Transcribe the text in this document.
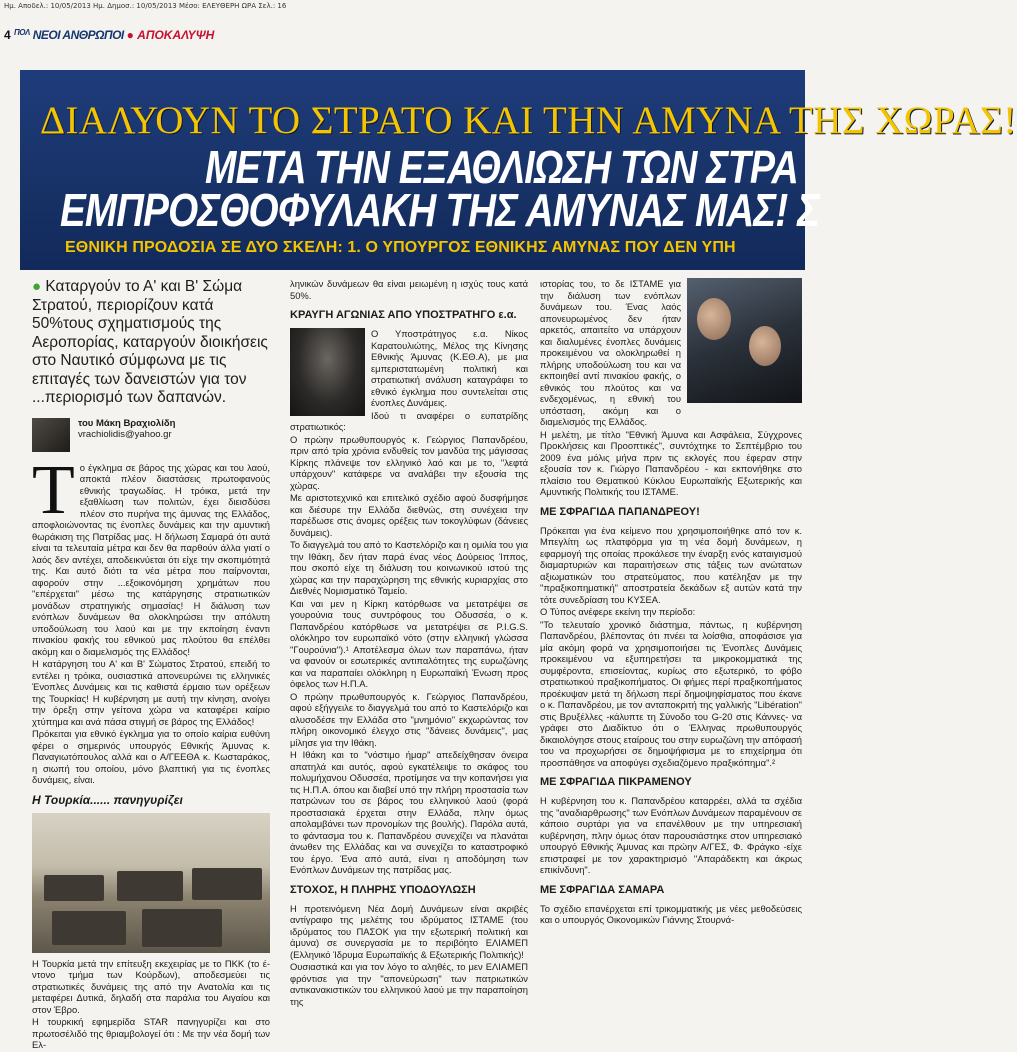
Ημ. Αποδελ.: 10/05/2013 Ημ. Δημοσ.: 10/05/2013 Μέσο: ΕΛΕΥΘΕΡΗ ΩΡΑ Σελ.: 16
4 $^{\Pi O\Lambda}$ ΝΕΟΙ ΑΝΘΡΩΠΟΙ ● ΑΠΟΚΑΛΥΨΗ
ΔΙΑΛΥΟΥΝ ΤΟ ΣΤΡΑΤΟ ΚΑΙ ΤΗΝ ΑΜΥΝΑ ΤΗΣ ΧΩΡΑΣ!
ΜΕΤΑ ΤΗΝ ΕΞΑΘΛΙΩΣΗ ΤΩΝ ΣΤΡΑ
ΕΜΠΡΟΣΘΟΦΥΛΑΚΗ ΤΗΣ ΑΜΥΝΑΣ ΜΑΣ! Σ
ΕΘΝΙΚΗ ΠΡΟΔΟΣΙΑ ΣΕ ΔΥΟ ΣΚΕΛΗ: 1. Ο ΥΠΟΥΡΓΟΣ ΕΘΝΙΚΗΣ ΑΜΥΝΑΣ ΠΟΥ ΔΕΝ ΥΠΗ
● Καταργούν το Α' και Β' Σώμα Στρατού, περιορίζουν κατά 50%τους σχηματισμούς της Αεροπορίας, καταργούν διοικήσεις στο Ναυτικό σύμφωνα με τις επιταγές των δανειστών για τον ...περιορισμό των δαπανών.
του Μάκη Βραχιολίδη
vrachiolidis@yahoo.gr

Τ ο έγκλημα σε βάρος της χώρας και του λαού, αποκτά πλέον διαστάσεις πρωτοφανούς εθνικής τραγωδίας. Η τρόικα, μετά την εξαθλίωση των πολιτών, έχει διεισδύσει πλέον στο πυρήνα της άμυνας της Ελλάδος, αποφλοιώνοντας τις ένοπλες δυνάμεις και την αμυντική θωράκιση της Πατρίδας μας. Η δήλωση Σαμαρά ότι αυτά είναι τα τελευταία μέτρα και δεν θα παρθούν άλλα γιατί ο λαός δεν αντέχει, αποδεικνύεται ότι είχε την σκοπιμότητά της. Και αυτό διότι τα νέα μέτρα που παίρνονται, αφορούν στην ...εξοικονόμηση χρημάτων που "επέρχεται" μέσω της κατάργησης στρατιωτικών μονάδων στρατηγικής σημασίας! Η διάλυση των ενόπλων δυνάμεων θα ολοκληρώσει την απόλυτη υποδούλωση του λαού και με την εκποίηση έναντι πινακίου φακής του εθνικού μας πλούτου θα επέλθει ακόμη και ο διαμελισμός της Ελλάδος!

Η κατάργηση του Α' και Β' Σώματος Στρατού, επειδή το εντέλει η τρόικα, ουσιαστικά απονευρώνει τις ελληνικές Ένοπλες Δυνάμεις και τις καθιστά έρμαιο των ορέξεων της Τουρκίας! Η κυβέρνηση με αυτή την κίνηση, ανοίγει την όρεξη στην γείτονα χώρα να καταφέρει καίριο χτύπημα και ανά πάσα στιγμή σε βάρος της Ελλάδος!

Πρόκειται για εθνικό έγκλημα για το οποίο καίρια ευθύνη φέρει ο σημερινός υπουργός Εθνικής Άμυνας κ. Παναγιωτόπουλος αλλά και ο Α/ΓΕΕΘΑ κ. Κωσταράκος, η σιωπή του οποίου, μόνο βλαπτική για τις ένοπλες δυνάμεις, είναι.

Η Τουρκία...... πανηγυρίζει

Η Τουρκία μετά την επίτευξη εκεχειρίας με το ΠΚΚ (το έ-ντονο τμήμα των Κούρδων), αποδεσμεύει τις στρατιωτικές δυνάμεις της από την Ανατολία και τις μεταφέρει Δυτικά, δηλαδή στα παράλια του Αιγαίου και στον Έβρο.

Η τουρκική εφημερίδα STAR πανηγυρίζει και στο πρωτοσέλιδό της θριαμβολογεί ότι : Με την νέα δομή των Ελ-

ληνικών δυνάμεων θα είναι μειωμένη η ισχύς τους κατά 50%.

ΚΡΑΥΓΗ ΑΓΩΝΙΑΣ ΑΠΟ ΥΠΟΣΤΡΑΤΗΓΟ ε.α.

Ο Υποστράτηγος ε.α. Νίκος Καρατουλιώτης, Μέλος της Κίνησης Εθνικής Άμυνας (Κ.ΕΘ.Α), με μια εμπεριστατωμένη πολιτική και στρατιωτική ανάλυση καταγράφει το εθνικό έγκλημα που συντελείται στις ένοπλες Δυνάμεις.

Ιδού τι αναφέρει ο ευπατρίδης στρατιωτικός:

Ο πρώην πρωθυπουργός κ. Γεώργιος Παπανδρέου, πριν από τρία χρόνια ενδυθείς τον μανδύα της μάγισσας Κίρκης πλάνεψε τον ελληνικό λαό και με το, "λεφτά υπάρχουν" κατάφερε να αναλάβει την εξουσία της χώρας.

Με αριστοτεχνικό και επιτελικό σχέδιο αφού δυσφήμησε και διέσυρε την Ελλάδα διεθνώς, στη συνέχεια την παρέδωσε στις άνομες ορέξεις των τοκογλύφων (δάνειες δυνάμεις).

Το διαγγελμά του από το Καστελόριζο και η ομιλία του για την Ιθάκη, δεν ήταν παρά ένας νέος Δούρειος Ίππος, που σκοπό είχε τη διάλυση του κοινωνικού ιστού της χώρας και την παραχώρηση της εθνικής κυριαρχίας στο Διεθνές Νομισματικό Ταμείο.

Και ναι μεν η Κίρκη κατόρθωσε να μετατρέψει σε γουρούνια τους συντρόφους του Οδυσσέα, ο κ. Παπανδρέου κατόρθωσε να μετατρέψει σε P.I.G.S. ολόκληρο τον ευρωπαϊκό νότο (στην ελληνική γλώσσα "Γουρούνια").¹ Αποτέλεσμα όλων των παραπάνω, ήταν να φανούν οι εσωτερικές αντιπαλότητες της ευρωζώνης και να παραπαίει ολόκληρη η Ευρωπαϊκή Ένωση προς όφελος των Η.Π.Α.

Ο πρώην πρωθυπουργός κ. Γεώργιος Παπανδρέου, αφού εξήγγειλε το διαγγελμά του από το Καστελόριζο και αλυσοδέσε την Ελλάδα στο "μνημόνιο" εκχωρώντας τον πλήρη οικονομικό έλεγχο στις "δάνειες δυνάμεις", μας μίλησε για την Ιθάκη.

Η Ιθάκη και το "νόστιμο ήμαρ" απεδείχθησαν όνειρα απατηλά και αυτός, αφού εγκατέλειψε το σκάφος του πολυμήχανου Οδυσσέα, προτίμησε να την κοπανήσει για τις Η.Π.Α. όπου και διαβεί υπό την πλήρη προστασία των πατρώνων του σε βάρος του ελληνικού λαού (φορά προστασιακά έρχεται στην Ελλάδα, πλην όμως απολαμβάνει των προνομίων της βουλής). Παρόλα αυτά, το φάντασμα του κ. Παπανδρέου συνεχίζει να πλανάται άνωθεν της Ελλάδας και να συνεχίζει το καταστροφικό του έργο. Ένα από αυτά, είναι η αποδόμηση των Ενόπλων Δυνάμεων της πατρίδας μας.

ΣΤΟΧΟΣ, Η ΠΛΗΡΗΣ ΥΠΟΔΟΥΛΩΣΗ

Η προτεινόμενη Νέα Δομή Δυνάμεων είναι ακριβές αντίγραφο της μελέτης του ιδρύματος ΙΣΤΑΜΕ (του ιδρύματος του ΠΑΣΟΚ για την εξωτερική πολιτική και άμυνα) σε συνεργασία με το περιβόητο ΕΛΙΑΜΕΠ (Ελληνικό Ίδρυμα Ευρωπαϊκής & Εξωτερικής Πολιτικής)!

Ουσιαστικά και για τον λόγο το αληθές, το μεν ΕΛΙΑΜΕΠ φρόντισε για την "απονεύρωση" των πατριωτικών αντικανακιστικών του ελληνικού λαού με την παραποίηση της

ιστορίας του, το δε ΙΣΤΑΜΕ για την διάλυση των ενόπλων δυνάμεων του. Ένας λαός απονευρωμένος δεν ήταν αρκετός, απαιτείτο να υπάρχουν και διαλυμένες ένοπλες δυνάμεις προκειμένου να ολοκληρωθεί η πλήρης υποδούλωση του και να εκποιηθεί αντί πινακίου φακής, ο εθνικός του πλούτος και να ενδεχομένως, η εθνική του υπόσταση, ακόμη και ο διαμελισμός της Ελλάδος.

Η μελέτη, με τίτλο "Εθνική Άμυνα και Ασφάλεια, Σύγχρονες Προκλήσεις και Προοπτικές", συντόχτηκε το Σεπτέμβριο του 2009 ένα μόλις μήνα πριν τις εκλογές που έφεραν στην εξουσία τον κ. Γιώργο Παπανδρέου - και εκπονήθηκε στο πλαίσιο του Θεματικού Κύκλου Ευρωπαϊκής Εξωτερικής και Αμυντικής Πολιτικής του ΙΣΤΑΜΕ.

ΜΕ ΣΦΡΑΓΙΔΑ ΠΑΠΑΝΔΡΕΟΥ!

Πρόκειται για ένα κείμενο που χρησιμοποιήθηκε από τον κ. Μπεγλίτη ως πλατφόρμα για τη νέα δομή δυνάμεων, η εφαρμογή της οποίας προκάλεσε την έναρξη ενός καταιγισμού διαμαρτυριών και παραιτήσεων στις τάξεις των ανώτατων αξιωματικών του στρατεύματος, που κατέληξαν με την "πραξικοπηματική" αποστρατεία δεκάδων εξ αυτών κατά την τότε συνεδρίαση του ΚΥΣΕΑ.

Ο Τύπος ανέφερε εκείνη την περίοδο:

"Το τελευταίο χρονικό διάστημα, πάντως, η κυβέρνηση Παπανδρέου, βλέποντας ότι πνέει τα λοίσθια, αποφάσισε για μία ακόμη φορά να χρησιμοποιήσει τις Ένοπλες Δυνάμεις προκειμένου να εξυπηρετήσει τα μικροκομματικά της συμφέροντα, επισείοντας, κυρίως στο εξωτερικό, το φόβο στρατιωτικού πραξικοπήματος. Οι φήμες περί πραξικοπήματος προέκυψαν μετά τη δήλωση περί δημοψηφίσματος που έκανε ο κ. Παπανδρέου, με τον ανταποκριτή της γαλλικής "Libération" στις Βρυξέλλες -κάλυπτε τη Σύνοδο του G-20 στις Κάννες- να γράφει στο Διαδίκτυο ότι ο Έλληνας πρωθυπουργός δικαιολόγησε στους εταίρους του στην ευρωζώνη την απόφασή του να προχωρήσει σε δημοψήφισμα με το επιχείρημα ότι προσπάθησε να αποφύγει σχεδιαζόμενο πραξικόπημα".²

ΜΕ ΣΦΡΑΓΙΔΑ ΠΙΚΡΑΜΕΝΟΥ

Η κυβέρνηση του κ. Παπανδρέου καταρρέει, αλλά τα σχέδια της "αναδιαρθρωσης" των Ενόπλων Δυνάμεων παραμένουν σε κάποιο συρτάρι για να επανέλθουν με την υπηρεσιακή κυβέρνηση, πλην όμως όταν παρουσιάστηκε στον υπηρεσιακό υπουργό Εθνικής Άμυνας και πρώην Α/ΓΕΣ, Φ. Φράγκο -είχε επιστραφεί με τον χαρακτηρισμό "Απαράδεκτη και άκρως επικίνδυνη".

ΜΕ ΣΦΡΑΓΙΔΑ ΣΑΜΑΡΑ

Το σχέδιο επανέρχεται επί τρικομματικής με νέες μεθοδεύσεις και ο υπουργός Οικονομικών Γιάννης Στουρνά-
